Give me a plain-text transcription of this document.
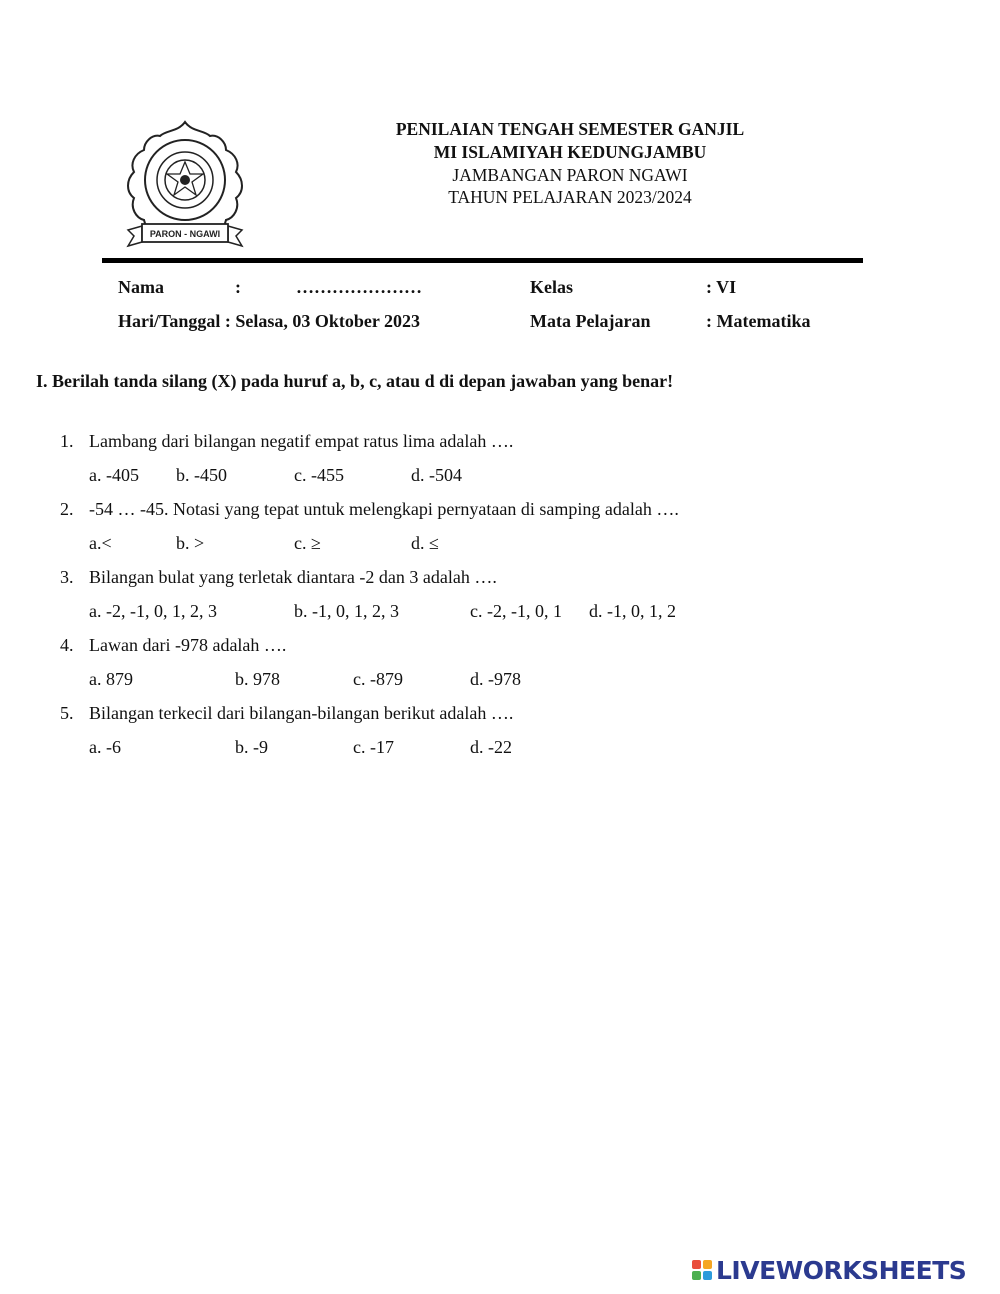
PARON - NGAWI
PENILAIAN TENGAH SEMESTER GANJIL
MI ISLAMIYAH KEDUNGJAMBU
JAMBANGAN PARON NGAWI
TAHUN PELAJARAN 2023/2024
Nama	:	…………………	Kelas	: VI
Hari/Tanggal : Selasa, 03 Oktober 2023	Mata Pelajaran	: Matematika
I. Berilah tanda silang (X) pada huruf a, b, c, atau d di depan jawaban yang benar!
1. Lambang dari bilangan negatif empat ratus lima adalah ….
a. -405 b. -450	c. -455	d. -504
2. -54 … -45. Notasi yang tepat untuk melengkapi pernyataan di samping adalah ….
a.<	b. >	c. ≥	d. ≤
3. Bilangan bulat yang terletak diantara -2 dan 3 adalah ….
a. -2, -1, 0, 1, 2, 3	b. -1, 0, 1, 2, 3	c. -2, -1, 0, 1 d. -1, 0, 1, 2
4. Lawan dari -978 adalah ….
a. 879	b. 978	c. -879	d. -978
5. Bilangan terkecil dari bilangan-bilangan berikut adalah ….
a. -6	b. -9	c. -17	d. -22
LIVEWORKSHEETS
